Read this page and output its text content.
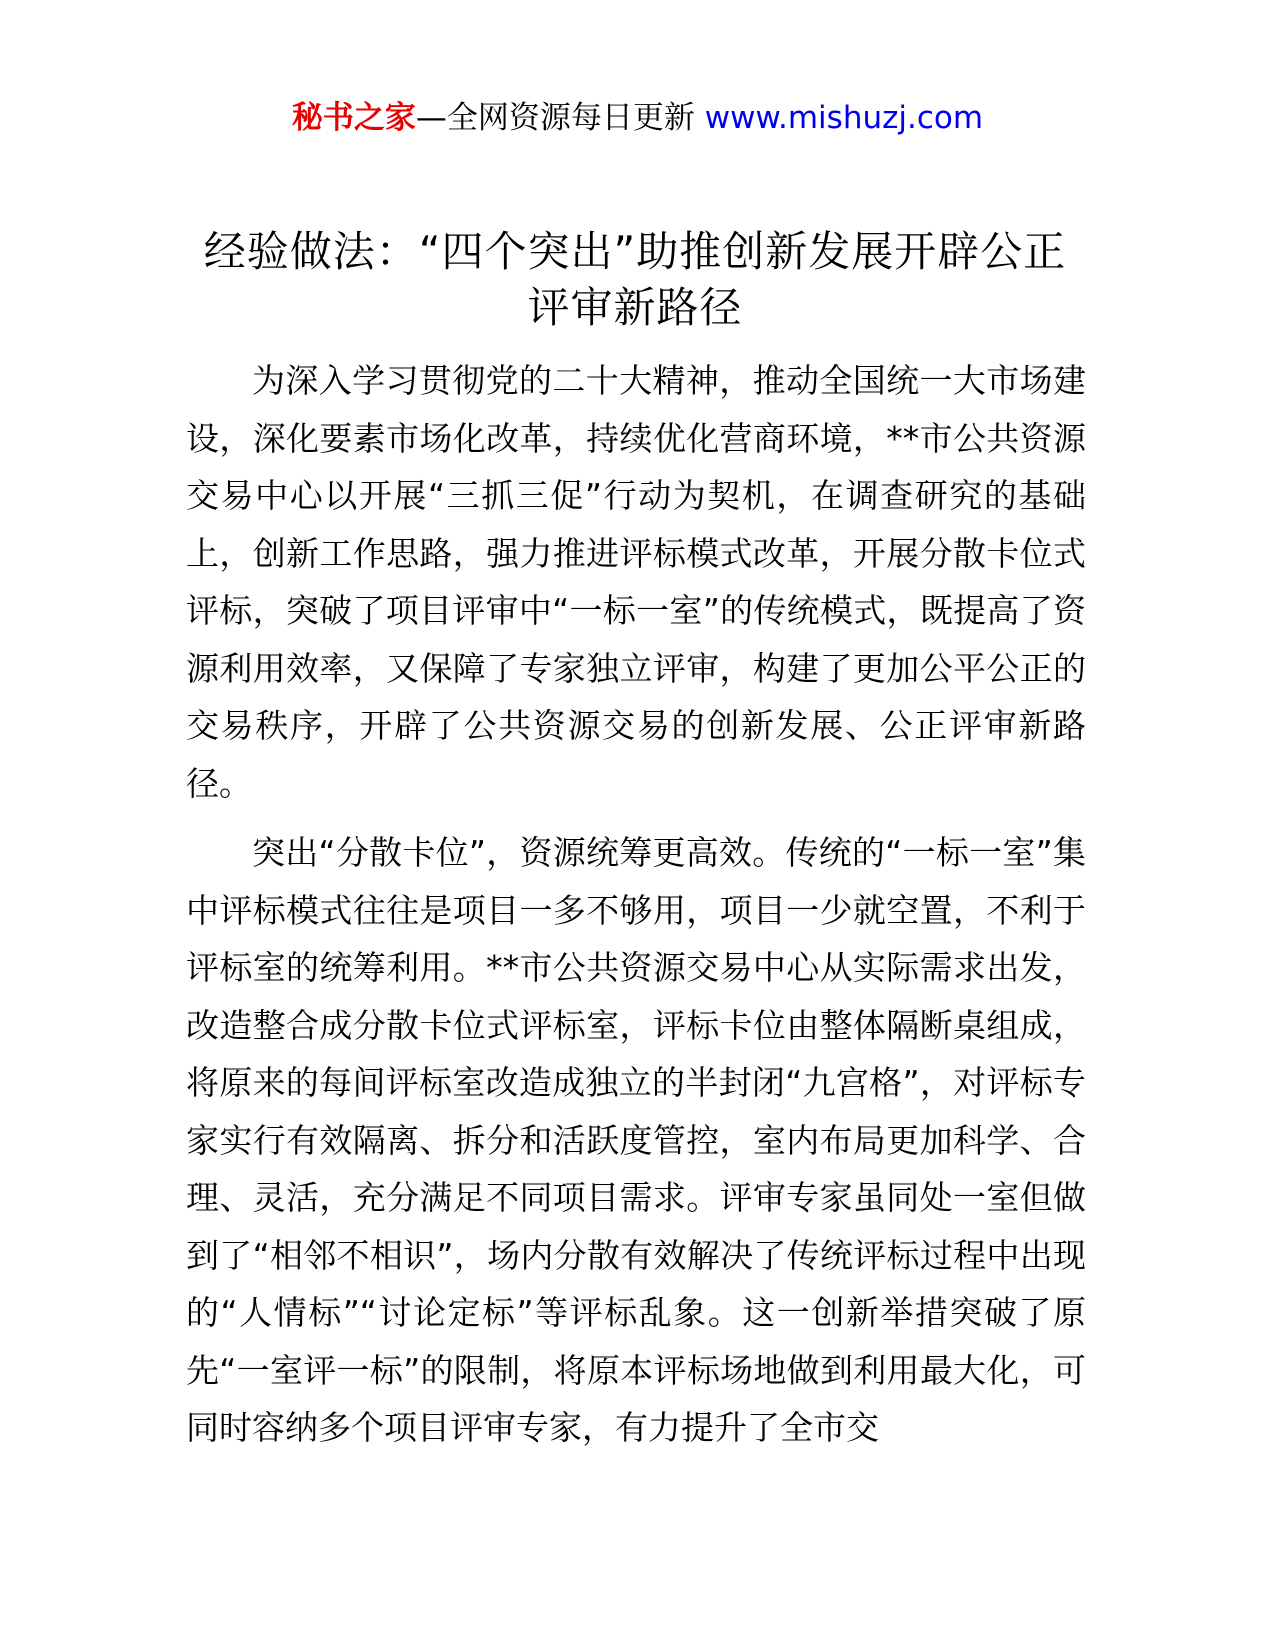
秘书之家—全网资源每日更新 www.mishuzj.com
经验做法：“四个突出”助推创新发展开辟公正评审新路径

为深入学习贯彻党的二十大精神，推动全国统一大市场建设，深化要素市场化改革，持续优化营商环境，**市公共资源交易中心以开展“三抓三促”行动为契机，在调查研究的基础上，创新工作思路，强力推进评标模式改革，开展分散卡位式评标，突破了项目评审中“一标一室”的传统模式，既提高了资源利用效率，又保障了专家独立评审，构建了更加公平公正的交易秩序，开辟了公共资源交易的创新发展、公正评审新路径。

突出“分散卡位”，资源统筹更高效。传统的“一标一室”集中评标模式往往是项目一多不够用，项目一少就空置，不利于评标室的统筹利用。**市公共资源交易中心从实际需求出发，改造整合成分散卡位式评标室，评标卡位由整体隔断桌组成，将原来的每间评标室改造成独立的半封闭“九宫格”，对评标专家实行有效隔离、拆分和活跃度管控，室内布局更加科学、合理、灵活，充分满足不同项目需求。评审专家虽同处一室但做到了“相邻不相识”，场内分散有效解决了传统评标过程中出现的“人情标”“讨论定标”等评标乱象。这一创新举措突破了原先“一室评一标”的限制，将原本评标场地做到利用最大化，可同时容纳多个项目评审专家，有力提升了全市交
